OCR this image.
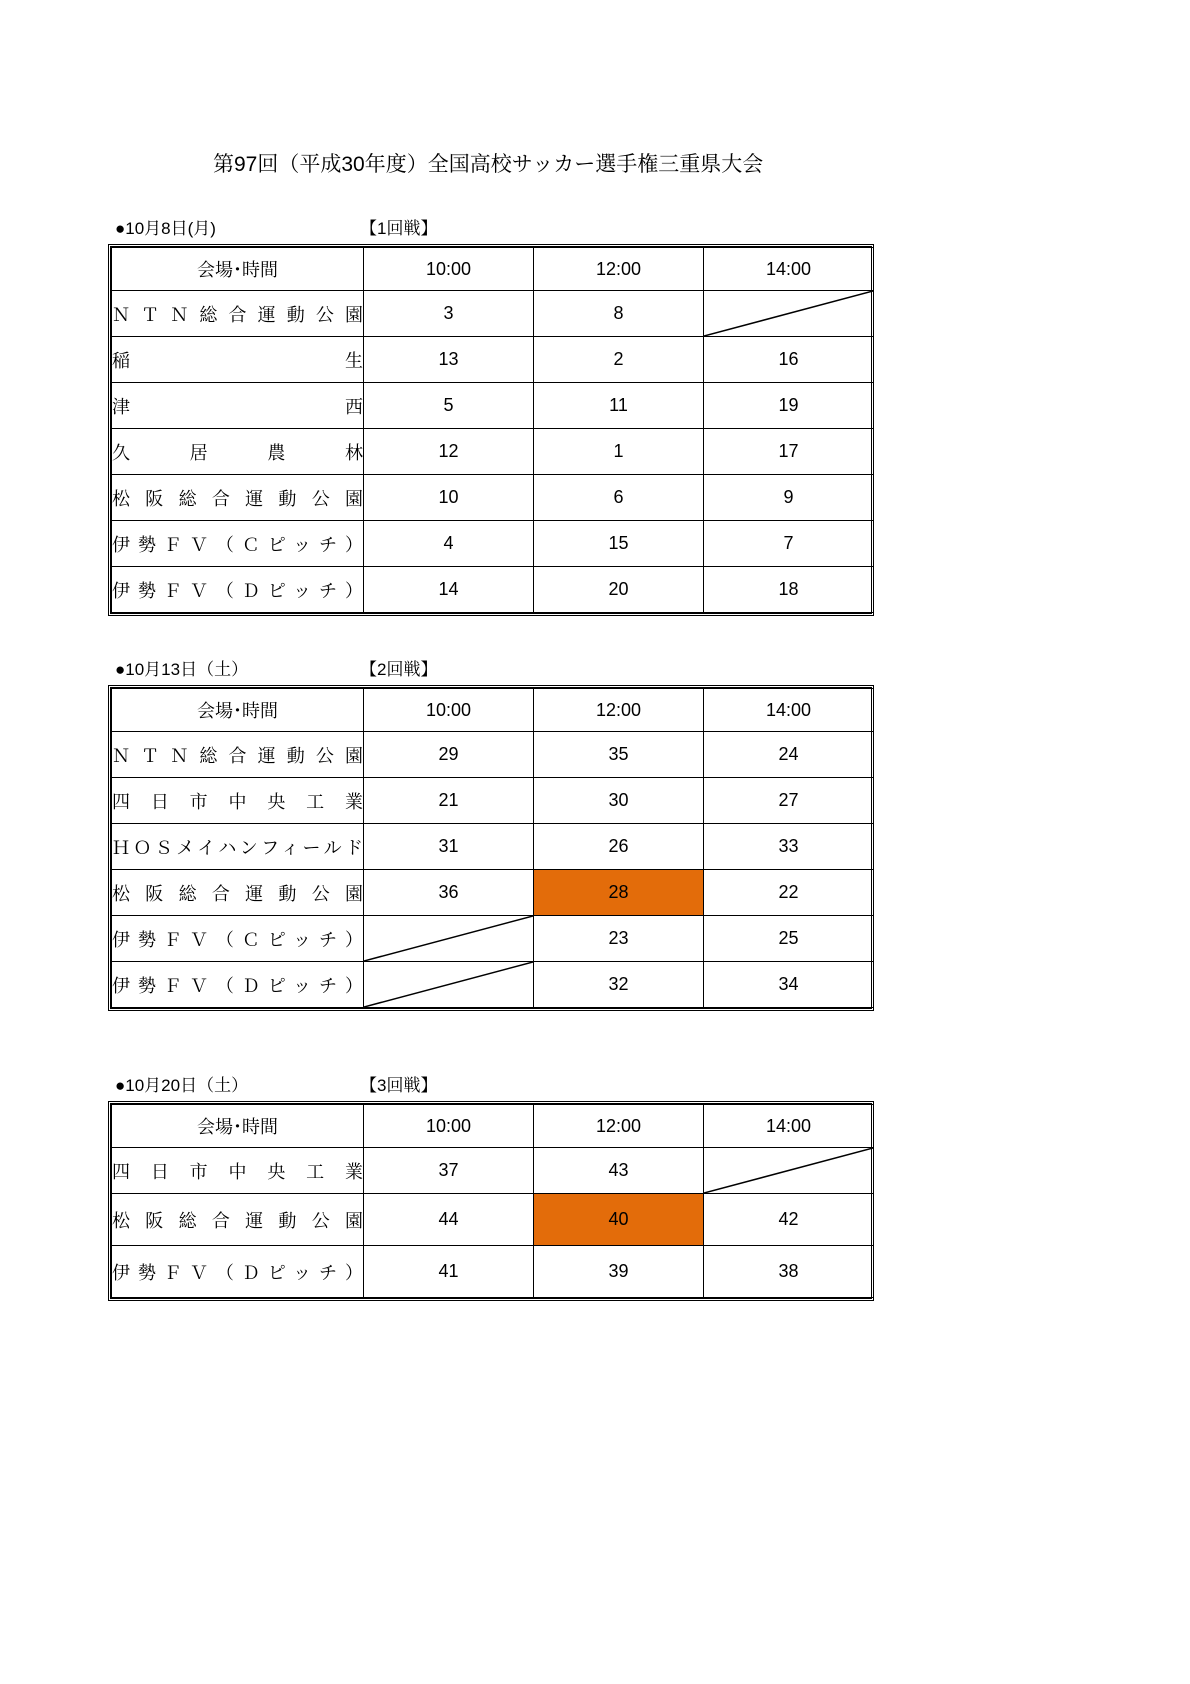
第97回（平成30年度）全国高校サッカー選手権三重県大会
●10月8日(月)	【1回戦】
会場･時間	10:00	12:00	14:00

ＮＴＮ総合運動公園	3	8	

稲生	13	2	16

津西	5	11	19

久居農林	12	1	17

松阪総合運動公園	10	6	9

伊勢ＦＶ（Ｃピッチ）	4	15	7

伊勢ＦＶ（Ｄピッチ）	14	20	18
●10月13日（土）	【2回戦】
会場･時間	10:00	12:00	14:00

ＮＴＮ総合運動公園	29	35	24

四日市中央工業	21	30	27

ＨＯＳメイハンフィールド	31	26	33

松阪総合運動公園	36	28	22

伊勢ＦＶ（Ｃピッチ）		23	25

伊勢ＦＶ（Ｄピッチ）		32	34
●10月20日（土）	【3回戦】
会場･時間	10:00	12:00	14:00

四日市中央工業	37	43	

松阪総合運動公園	44	40	42

伊勢ＦＶ（Ｄピッチ）	41	39	38
